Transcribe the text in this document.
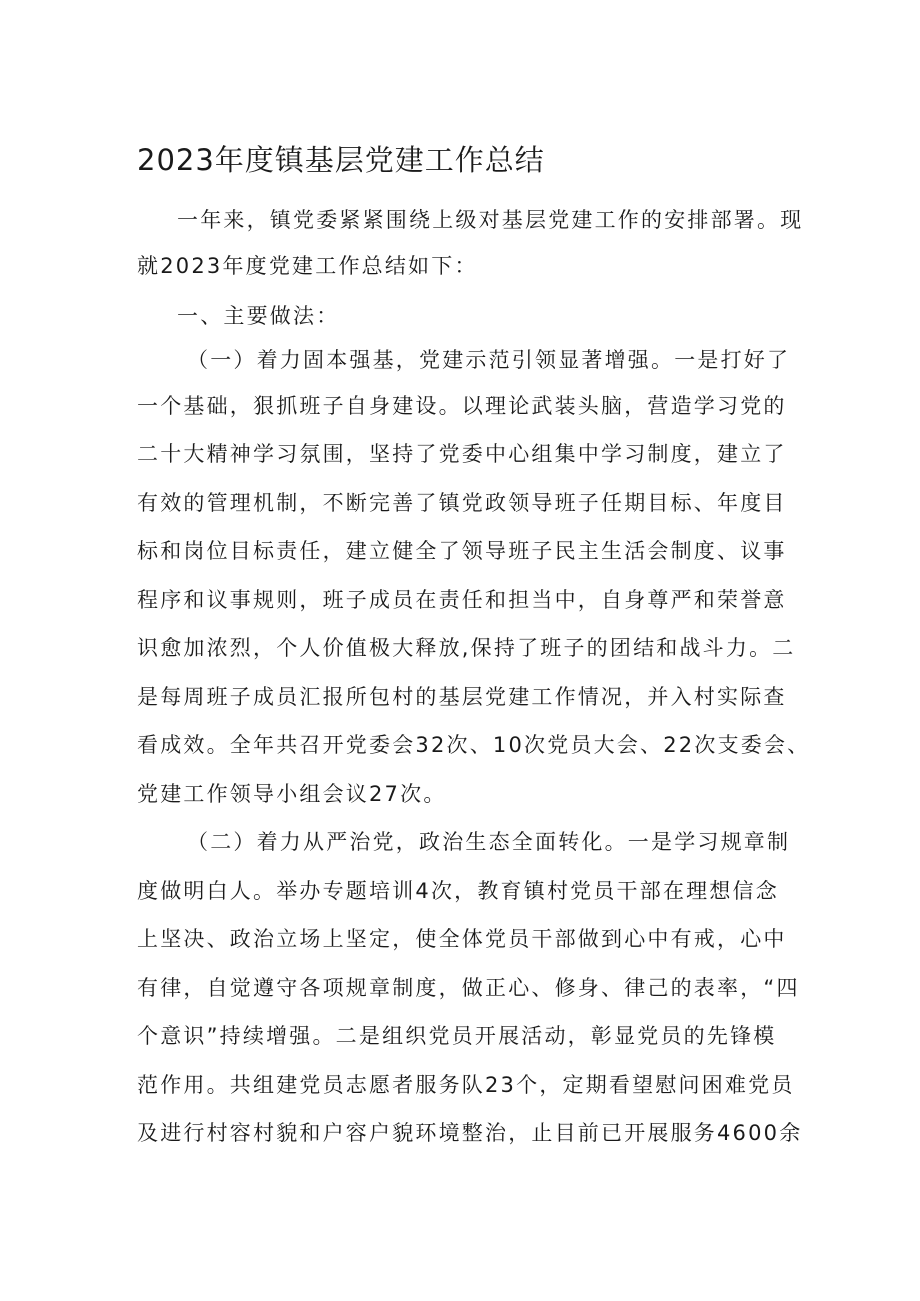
2023年度镇基层党建工作总结

一年来，镇党委紧紧围绕上级对基层党建工作的安排部署。现

就2023年度党建工作总结如下：

一、主要做法：

（一）着力固本强基，党建示范引领显著增强。一是打好了

一个基础，狠抓班子自身建设。以理论武装头脑，营造学习党的

二十大精神学习氛围，坚持了党委中心组集中学习制度，建立了

有效的管理机制，不断完善了镇党政领导班子任期目标、年度目

标和岗位目标责任，建立健全了领导班子民主生活会制度、议事

程序和议事规则，班子成员在责任和担当中，自身尊严和荣誉意

识愈加浓烈，个人价值极大释放,保持了班子的团结和战斗力。二

是每周班子成员汇报所包村的基层党建工作情况，并入村实际查

看成效。全年共召开党委会32次、10次党员大会、22次支委会、

党建工作领导小组会议27次。

（二）着力从严治党，政治生态全面转化。一是学习规章制

度做明白人。举办专题培训4次，教育镇村党员干部在理想信念

上坚决、政治立场上坚定，使全体党员干部做到心中有戒，心中

有律，自觉遵守各项规章制度，做正心、修身、律己的表率，“四

个意识”持续增强。二是组织党员开展活动，彰显党员的先锋模

范作用。共组建党员志愿者服务队23个，定期看望慰问困难党员

及进行村容村貌和户容户貌环境整治，止目前已开展服务4600余
